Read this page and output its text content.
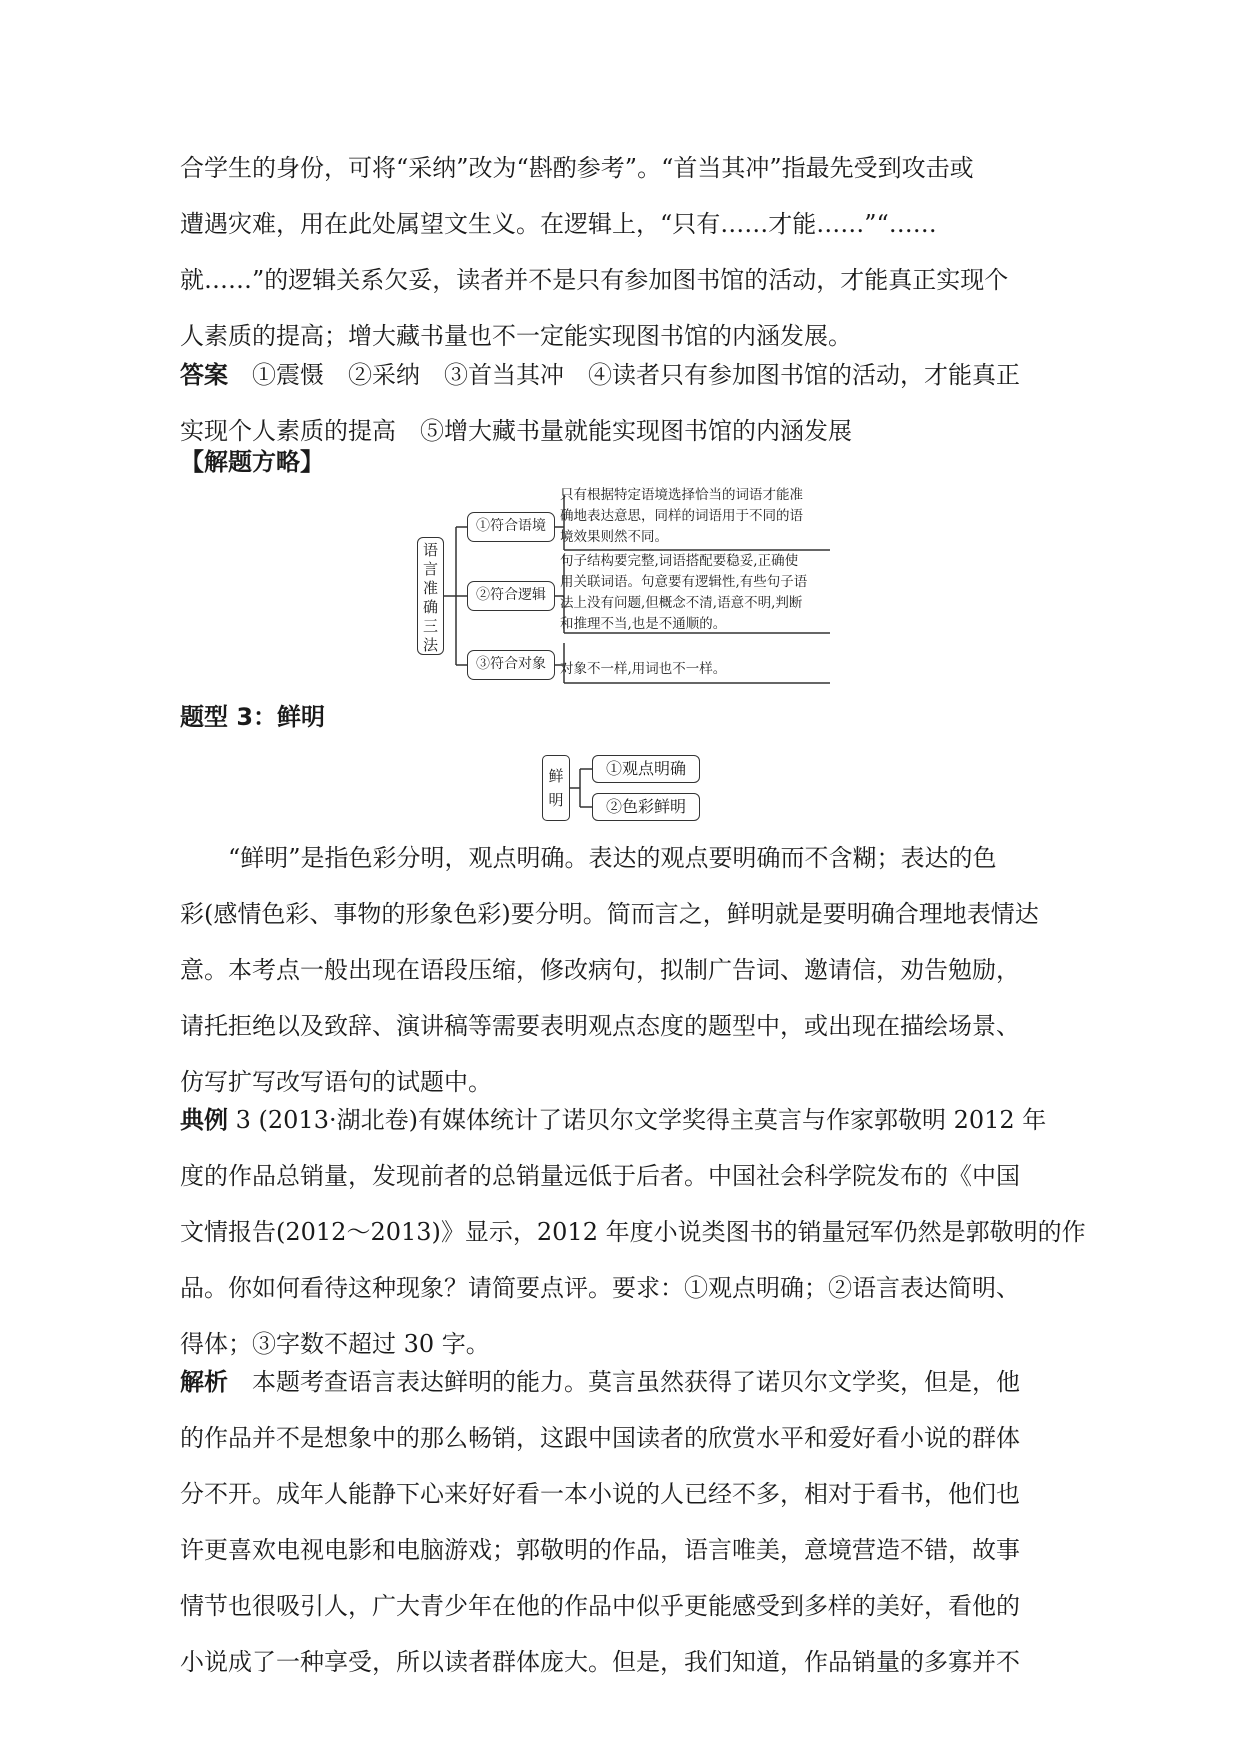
合学生的身份，可将“采纳”改为“斟酌参考”。“首当其冲”指最先受到攻击或
遭遇灾难，用在此处属望文生义。在逻辑上，“只有……才能……”“……
就……”的逻辑关系欠妥，读者并不是只有参加图书馆的活动，才能真正实现个
人素质的提高；增大藏书量也不一定能实现图书馆的内涵发展。
答案　 ①震慑　②采纳　③首当其冲　④读者只有参加图书馆的活动，才能真正
实现个人素质的提高　⑤增大藏书量就能实现图书馆的内涵发展
【解题方略】
语
言
准
确
三
法
①符合语境
②符合逻辑
③符合对象
只有根据特定语境选择恰当的词语才能准
确地表达意思，同样的词语用于不同的语
境效果则然不同。
句子结构要完整,词语搭配要稳妥,正确使
用关联词语。句意要有逻辑性,有些句子语
法上没有问题,但概念不清,语意不明,判断
和推理不当,也是不通顺的。
对象不一样,用词也不一样。
题型 3：鲜明
鲜
明
①观点明确
②色彩鲜明
“鲜明”是指色彩分明，观点明确。表达的观点要明确而不含糊；表达的色
彩(感情色彩、事物的形象色彩)要分明。简而言之，鲜明就是要明确合理地表情达
意。本考点一般出现在语段压缩，修改病句，拟制广告词、邀请信，劝告勉励，
请托拒绝以及致辞、演讲稿等需要表明观点态度的题型中，或出现在描绘场景、
仿写扩写改写语句的试题中。
典例 3 (2013·湖北卷)有媒体统计了诺贝尔文学奖得主莫言与作家郭敬明 2012 年
度的作品总销量，发现前者的总销量远低于后者。中国社会科学院发布的《中国
文情报告(2012～2013)》显示，2012 年度小说类图书的销量冠军仍然是郭敬明的作
品。你如何看待这种现象？请简要点评。要求：①观点明确；②语言表达简明、
得体；③字数不超过 30 字。
解析　本题考查语言表达鲜明的能力。莫言虽然获得了诺贝尔文学奖，但是，他
的作品并不是想象中的那么畅销，这跟中国读者的欣赏水平和爱好看小说的群体
分不开。成年人能静下心来好好看一本小说的人已经不多，相对于看书，他们也
许更喜欢电视电影和电脑游戏；郭敬明的作品，语言唯美，意境营造不错，故事
情节也很吸引人，广大青少年在他的作品中似乎更能感受到多样的美好，看他的
小说成了一种享受，所以读者群体庞大。但是，我们知道，作品销量的多寡并不
